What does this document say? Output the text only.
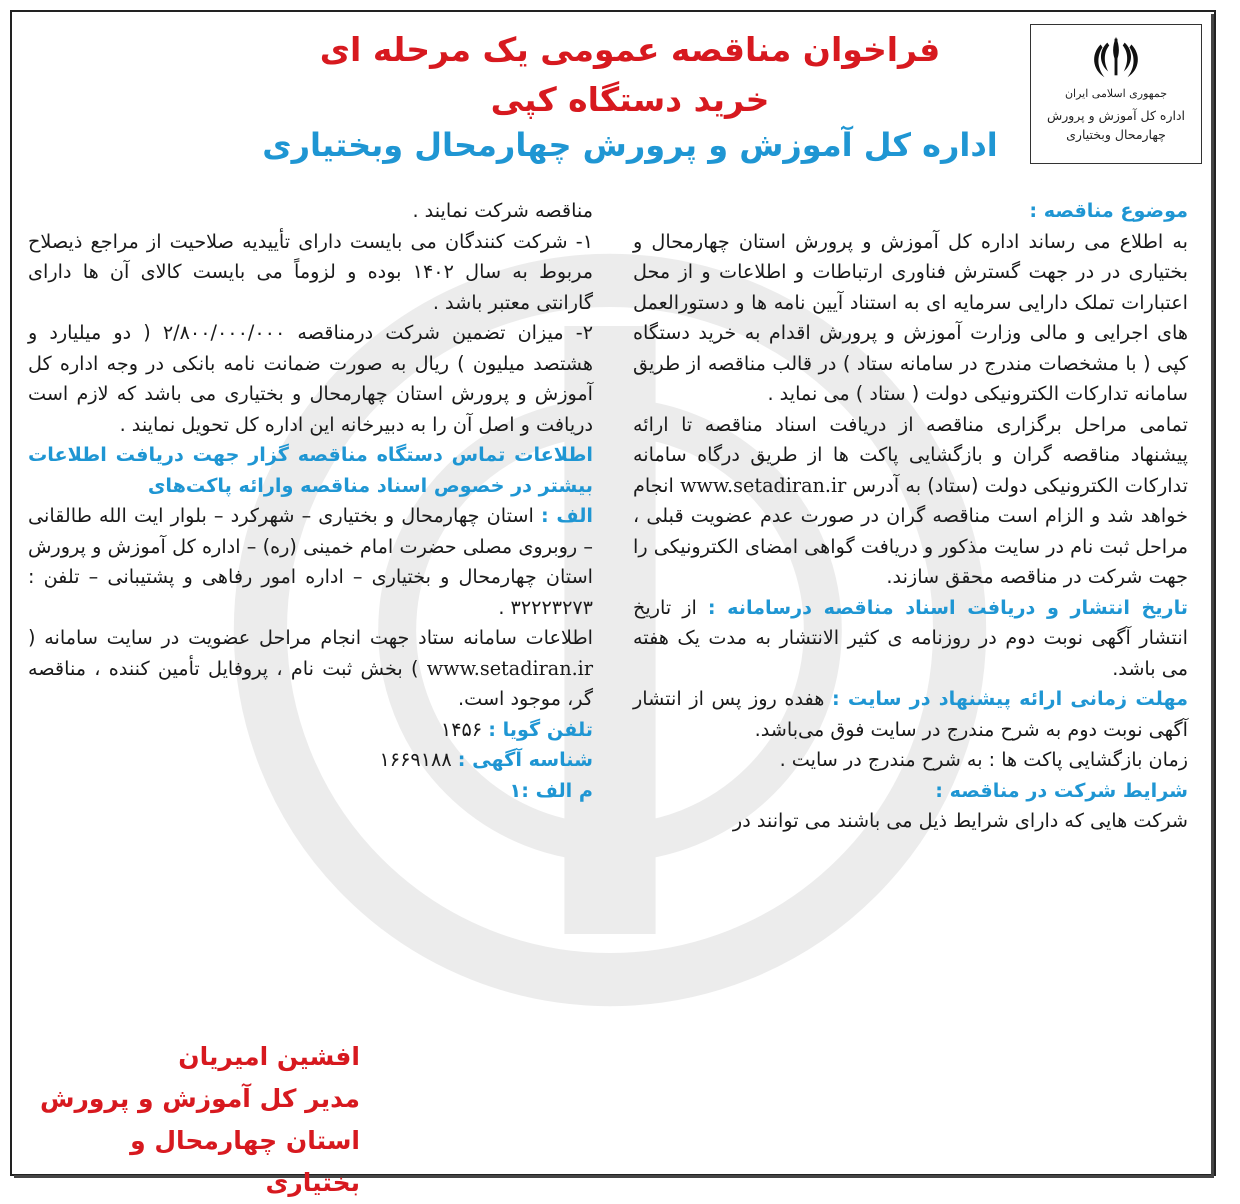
جمهوری اسلامی ایران
اداره کل آموزش و پرورش
چهارمحال وبختیاری
فراخوان مناقصه عمومی یک مرحله ای
خرید دستگاه کپی
اداره کل آموزش و پرورش چهارمحال وبختیاری

موضوع مناقصه :

به اطلاع می رساند اداره کل آموزش و پرورش استان چهارمحال و بختیاری در در جهت گسترش فناوری ارتباطات و اطلاعات و از محل اعتبارات تملک دارایی سرمایه ای به استناد آیین نامه ها و دستورالعمل های اجرایی و مالی وزارت آموزش و پرورش اقدام به خرید دستگاه کپی ( با مشخصات مندرج در سامانه ستاد ) در قالب مناقصه از طریق سامانه تدارکات الکترونیکی دولت ( ستاد ) می نماید .

تمامی مراحل برگزاری مناقصه از دریافت اسناد مناقصه تا ارائه پیشنهاد مناقصه گران و بازگشایی پاکت ها از طریق درگاه سامانه تدارکات الکترونیکی دولت (ستاد) به آدرس www.setadiran.ir انجام خواهد شد و الزام است مناقصه گران در صورت عدم عضویت قبلی ، مراحل ثبت نام در سایت مذکور و دریافت گواهی امضای الکترونیکی را جهت شرکت در مناقصه محقق سازند.

تاریخ انتشار و دریافت اسناد مناقصه درسامانه : از تاریخ انتشار آگهی نوبت دوم در روزنامه ی کثیر الانتشار به مدت یک هفته می باشد.

مهلت زمانی ارائه پیشنهاد در سایت : هفده روز پس از انتشار آگهی نوبت دوم به شرح مندرج در سایت فوق می‌باشد.

زمان بازگشایی پاکت ها : به شرح مندرج در سایت .

شرایط شرکت در مناقصه :

شرکت هایی که دارای شرایط ذیل می باشند می توانند در

مناقصه شرکت نمایند .

۱- شرکت کنندگان می بایست دارای تأییدیه صلاحیت از مراجع ذیصلاح مربوط به سال ۱۴۰۲ بوده و لزوماً می بایست کالای آن ها دارای گارانتی معتبر باشد .

۲- میزان تضمین شرکت درمناقصه ۲/۸۰۰/۰۰۰/۰۰۰ ( دو میلیارد و هشتصد میلیون ) ریال به صورت ضمانت نامه بانکی در وجه اداره کل آموزش و پرورش استان چهارمحال و بختیاری می باشد که لازم است دریافت و اصل آن را به دبیرخانه این اداره کل تحویل نمایند .

اطلاعات تماس دستگاه مناقصه گزار جهت دریافت اطلاعات بیشتر در خصوص اسناد مناقصه وارائه پاکت‌های

الف : استان چهارمحال و بختیاری – شهرکرد – بلوار ایت الله طالقانی – روبروی مصلی حضرت امام خمینی (ره) – اداره کل آموزش و پرورش استان چهارمحال و بختیاری – اداره امور رفاهی و پشتیبانی – تلفن : ۳۲۲۲۳۲۷۳ .

اطلاعات سامانه ستاد جهت انجام مراحل عضویت در سایت سامانه ( www.setadiran.ir ) بخش ثبت نام ، پروفایل تأمین کننده ، مناقصه گر، موجود است.

تلفن گویا : ۱۴۵۶

شناسه آگهی : ۱۶۶۹۱۸۸

م الف :۱

افشین امیریان
مدیر کل آموزش و پرورش
استان چهارمحال و بختیاری
